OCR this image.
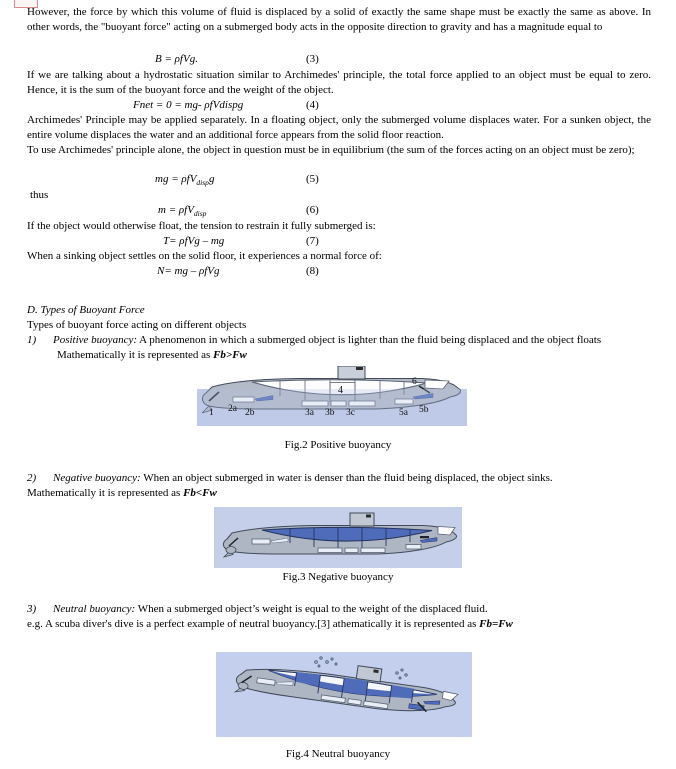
However, the force by which this volume of fluid is displaced by a solid of exactly the same shape must be exactly the same as above. In other words, the "buoyant force" acting on a submerged body acts in the opposite direction to gravity and has a magnitude equal to
B = ρfVg.	(3)
If we are talking about a hydrostatic situation similar to Archimedes' principle, the total force applied to an object must be equal to zero. Hence, it is the sum of the buoyant force and the weight of the object.
Fnet = 0 = mg- ρfVdispg	(4)
Archimedes' Principle may be applied separately. In a floating object, only the submerged volume displaces water. For a sunken object, the entire volume displaces the water and an additional force appears from the solid floor reaction.
To use Archimedes' principle alone, the object in question must be in equilibrium (the sum of the forces acting on an object must be zero);
mg = ρfV$_{disp}$g	(5)
thus
m = ρfV$_{disp}$	(6)
If the object would otherwise float, the tension to restrain it fully submerged is:
T= ρfVg – mg	(7)
When a sinking object settles on the solid floor, it experiences a normal force of:
N= mg – ρfVg	(8)
D. Types of Buoyant Force
Types of buoyant force acting on different objects
1) Positive buoyancy: A phenomenon in which a submerged object is lighter than the fluid being displaced and the object floats
Mathematically it is represented as Fb>Fw
1 2a 2b	3a 3b 3c	5a 5b
4
6
Fig.2 Positive buoyancy
2) Negative buoyancy: When an object submerged in water is denser than the fluid being displaced, the object sinks.
Mathematically it is represented as Fb<Fw
Fig.3 Negative buoyancy
3) Neutral buoyancy: When a submerged object’s weight is equal to the weight of the displaced fluid.
e.g. A scuba diver's dive is a perfect example of neutral buoyancy.[3] athematically it is represented as Fb=Fw
Fig.4 Neutral buoyancy
